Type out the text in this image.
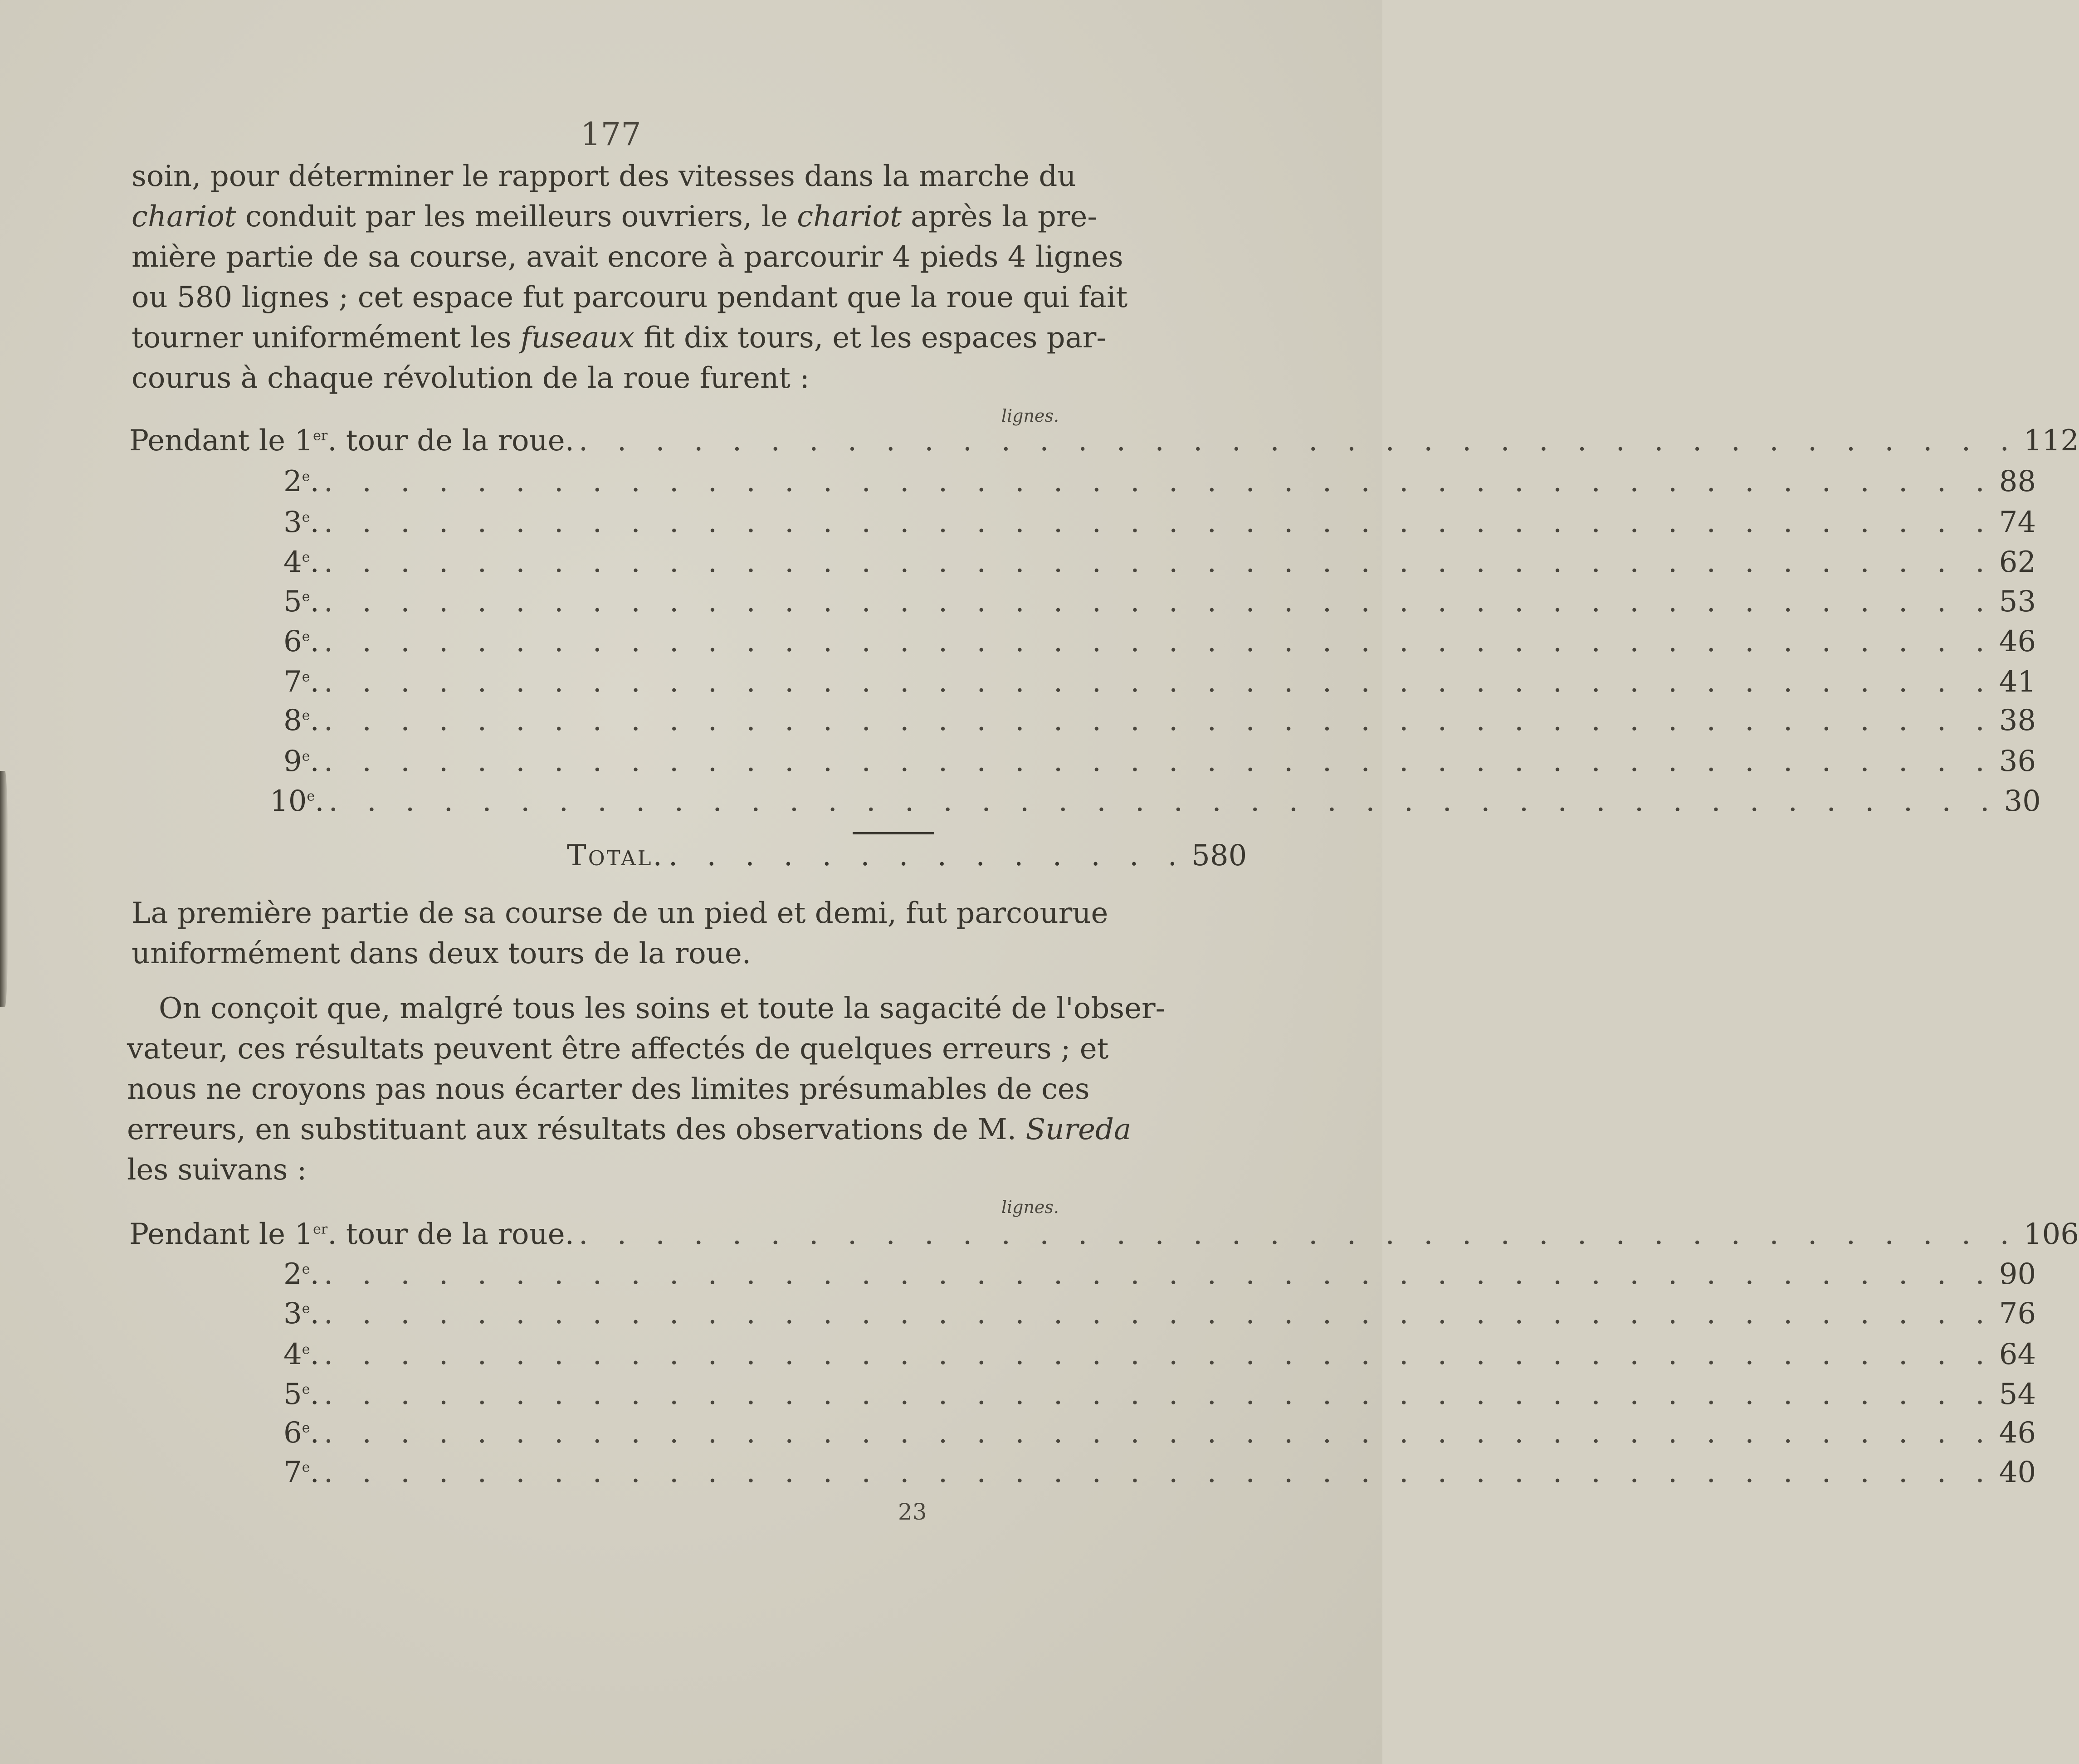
177
soin, pour déterminer le rapport des vitesses dans la marche du
chariot conduit par les meilleurs ouvriers, le chariot après la pre-
mière partie de sa course, avait encore à parcourir 4 pieds 4 lignes
ou 580 lignes ; cet espace fut parcouru pendant que la roue qui fait
tourner uniformément les fuseaux fit dix tours, et les espaces par-
courus à chaque révolution de la roue furent :
lignes.
Pendant le 1er. tour de la roue. . . . . . . . . . . . . . . . . . . . . . . . . . . . . . . . . . . . . . . 112
2e. . . . . . . . . . . . . . . . . . . . . . . . . . . . . . . . . . . . . . . . . . . . . 88
3e. . . . . . . . . . . . . . . . . . . . . . . . . . . . . . . . . . . . . . . . . . . . . 74
4e. . . . . . . . . . . . . . . . . . . . . . . . . . . . . . . . . . . . . . . . . . . . . 62
5e. . . . . . . . . . . . . . . . . . . . . . . . . . . . . . . . . . . . . . . . . . . . . 53
6e. . . . . . . . . . . . . . . . . . . . . . . . . . . . . . . . . . . . . . . . . . . . . 46
7e. . . . . . . . . . . . . . . . . . . . . . . . . . . . . . . . . . . . . . . . . . . . . 41
8e. . . . . . . . . . . . . . . . . . . . . . . . . . . . . . . . . . . . . . . . . . . . . 38
9e. . . . . . . . . . . . . . . . . . . . . . . . . . . . . . . . . . . . . . . . . . . . . 36
10e. . . . . . . . . . . . . . . . . . . . . . . . . . . . . . . . . . . . . . . . . . . . . 30
Total. . . . . . . . . . . . . . . 580
La première partie de sa course de un pied et demi, fut parcourue
uniformément dans deux tours de la roue.
On conçoit que, malgré tous les soins et toute la sagacité de l'obser-
vateur, ces résultats peuvent être affectés de quelques erreurs ; et
nous ne croyons pas nous écarter des limites présumables de ces
erreurs, en substituant aux résultats des observations de M. Sureda
les suivans :
lignes.
Pendant le 1er. tour de la roue. . . . . . . . . . . . . . . . . . . . . . . . . . . . . . . . . . . . . . . 106
2e. . . . . . . . . . . . . . . . . . . . . . . . . . . . . . . . . . . . . . . . . . . . . 90
3e. . . . . . . . . . . . . . . . . . . . . . . . . . . . . . . . . . . . . . . . . . . . . 76
4e. . . . . . . . . . . . . . . . . . . . . . . . . . . . . . . . . . . . . . . . . . . . . 64
5e. . . . . . . . . . . . . . . . . . . . . . . . . . . . . . . . . . . . . . . . . . . . . 54
6e. . . . . . . . . . . . . . . . . . . . . . . . . . . . . . . . . . . . . . . . . . . . . 46
7e. . . . . . . . . . . . . . . . . . . . . . . . . . . . . . . . . . . . . . . . . . . . . 40
23
